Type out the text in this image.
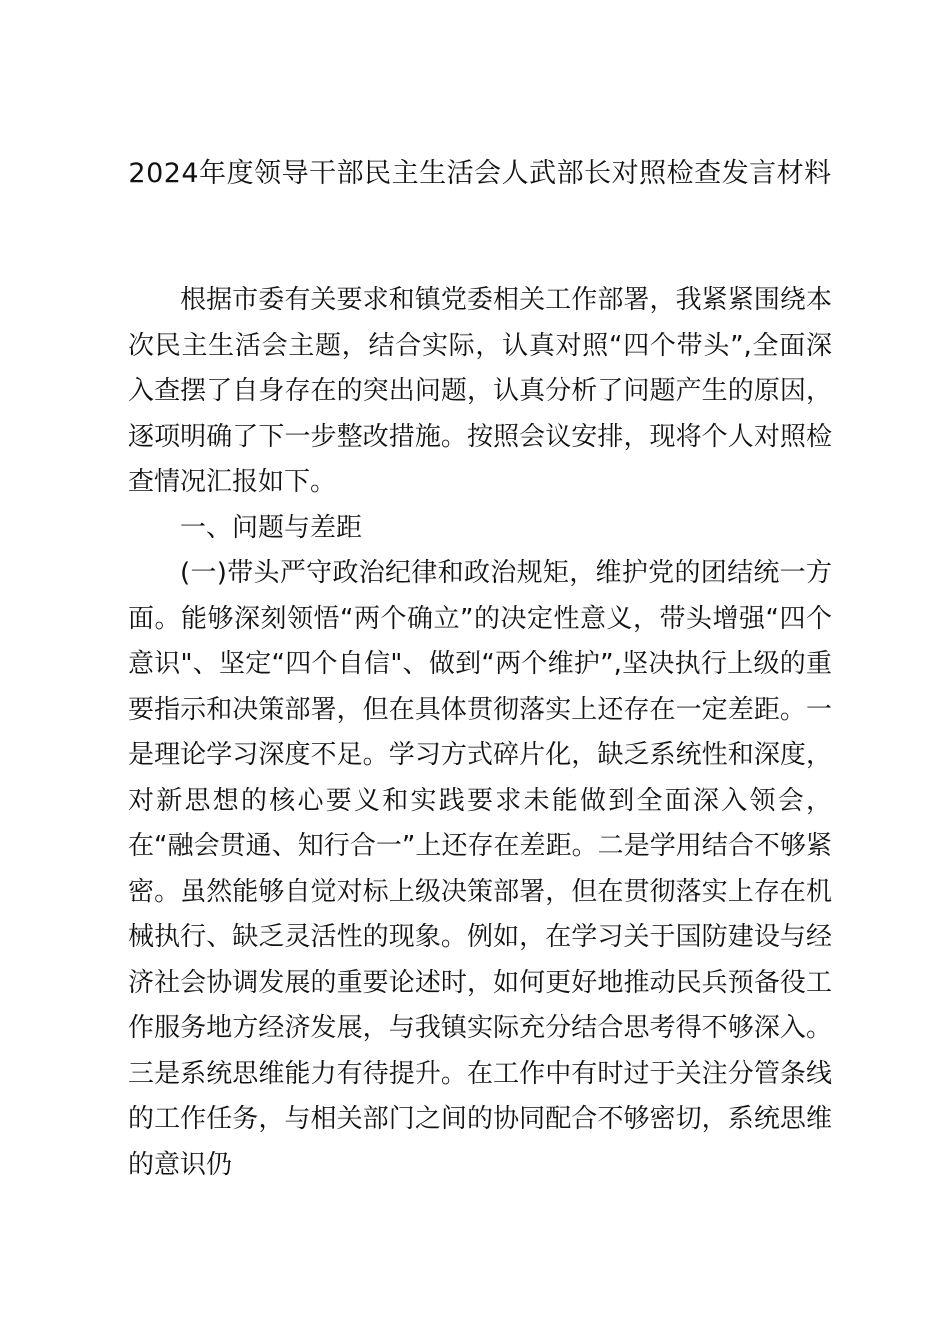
2024年度领导干部民主生活会人武部长对照检查发言材料

根据市委有关要求和镇党委相关工作部署，我紧紧围绕本次民主生活会主题，结合实际，认真对照“四个带头”,全面深入查摆了自身存在的突出问题，认真分析了问题产生的原因，逐项明确了下一步整改措施。按照会议安排，现将个人对照检查情况汇报如下。

一、问题与差距

(一)带头严守政治纪律和政治规矩，维护党的团结统一方面。能够深刻领悟“两个确立”的决定性意义，带头增强“四个意识"、坚定“四个自信"、做到“两个维护”,坚决执行上级的重要指示和决策部署，但在具体贯彻落实上还存在一定差距。一是理论学习深度不足。学习方式碎片化，缺乏系统性和深度，对新思想的核心要义和实践要求未能做到全面深入领会，在“融会贯通、知行合一”上还存在差距。二是学用结合不够紧密。虽然能够自觉对标上级决策部署，但在贯彻落实上存在机械执行、缺乏灵活性的现象。例如，在学习关于国防建设与经济社会协调发展的重要论述时，如何更好地推动民兵预备役工作服务地方经济发展，与我镇实际充分结合思考得不够深入。三是系统思维能力有待提升。在工作中有时过于关注分管条线的工作任务，与相关部门之间的协同配合不够密切，系统思维的意识仍
